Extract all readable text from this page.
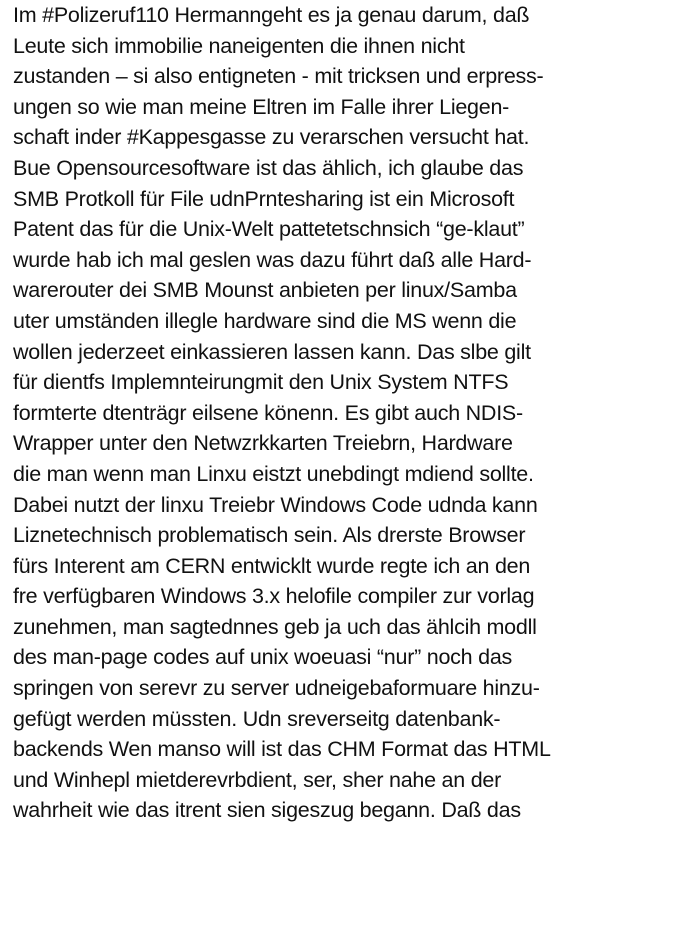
Im #Polizeruf110 Hermanngeht es ja genau darum, daß
Leute sich immobilie naneigenten die ihnen nicht
zustanden – si also entigneten - mit tricksen und erpress-
ungen so wie man meine Eltren im Falle ihrer Liegen-
schaft inder #Kappesgasse zu verarschen versucht hat.
Bue Opensourcesoftware ist das ählich, ich glaube das
SMB Protkoll für File udnPrntesharing ist ein Microsoft
Patent das für die Unix-Welt pattetetschnsich “ge-klaut”
wurde hab ich mal geslen was dazu führt daß alle Hard-
warerouter dei SMB Mounst anbieten per linux/Samba
uter umständen illegle hardware sind die MS wenn die
wollen jederzeet einkassieren lassen kann. Das slbe gilt
für dientfs Implemnteirungmit den Unix System NTFS
formterte dtenträgr eilsene könenn. Es gibt auch NDIS-
Wrapper unter den Netwzrkkarten Treiebrn, Hardware
die man wenn man Linxu eistzt unebdingt mdiend sollte.
Dabei nutzt der linxu Treiebr Windows Code udnda kann
Liznetechnisch problematisch sein. Als drerste Browser
fürs Interent am CERN entwicklt wurde regte ich an den
fre verfügbaren Windows 3.x helofile compiler zur vorlag
zunehmen, man sagtednnes geb ja uch das ählcih modll
des man-page codes auf unix woeuasi “nur” noch das
springen von serevr zu server udneigebaformuare hinzu-
gefügt werden müssten. Udn sreverseitg datenbank-
backends Wen manso will ist das CHM Format das HTML
und Winhepl mietderevrbdient, ser, sher nahe an der
wahrheit wie das itrent sien sigeszug begann. Daß das
